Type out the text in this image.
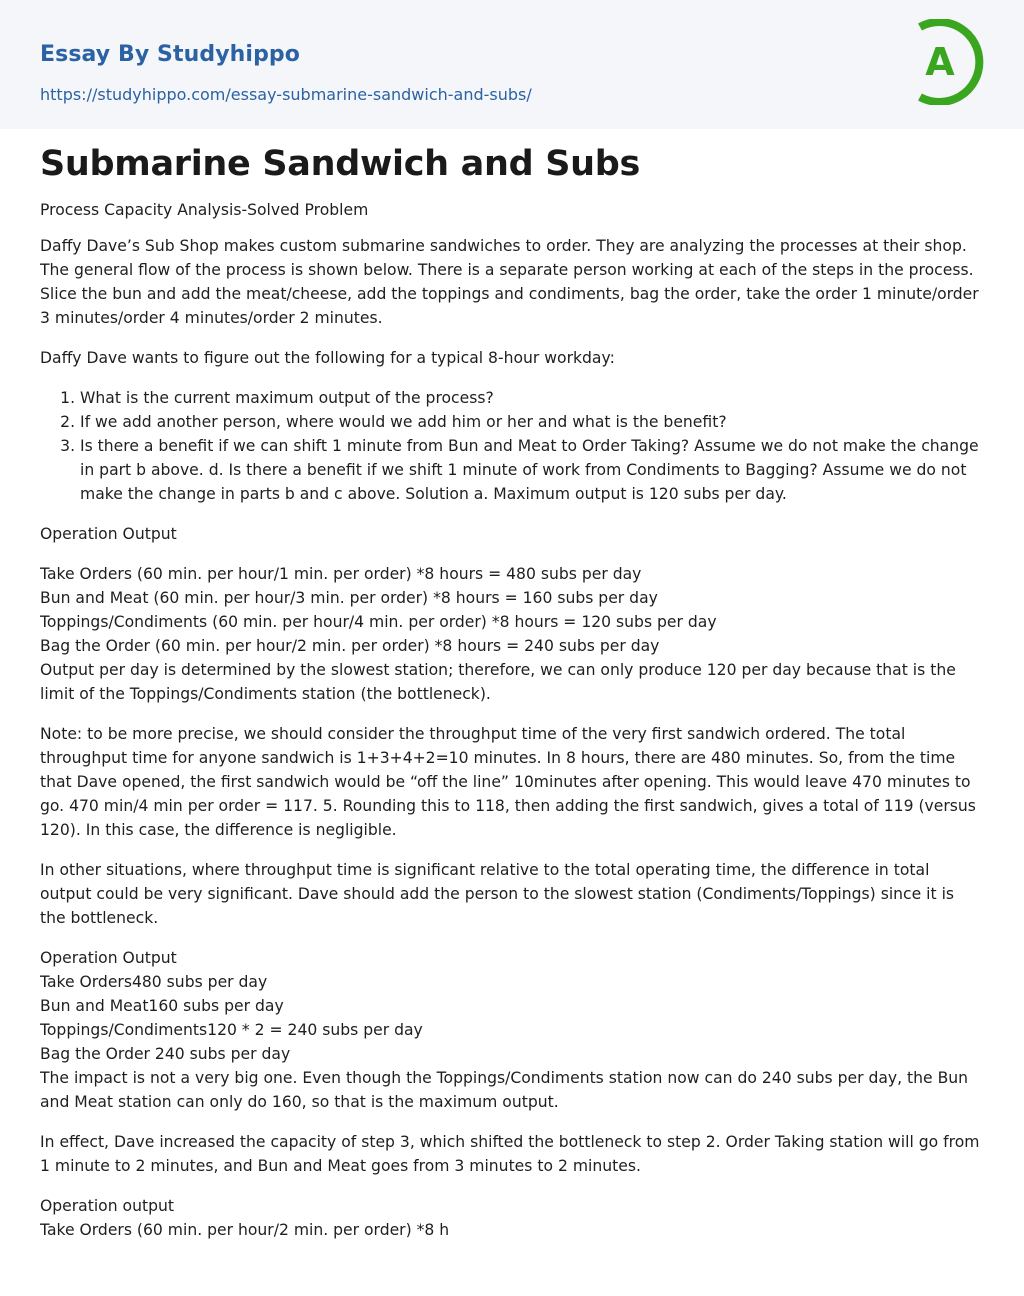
Essay By Studyhippo
https://studyhippo.com/essay-submarine-sandwich-and-subs/
A
Submarine Sandwich and Subs

Process Capacity Analysis-Solved Problem

Daffy Dave’s Sub Shop makes custom submarine sandwiches to order. They are analyzing the processes at their shop. The general flow of the process is shown below. There is a separate person working at each of the steps in the process. Slice the bun and add the meat/cheese, add the toppings and condiments, bag the order, take the order 1 minute/order 3 minutes/order 4 minutes/order 2 minutes.

Daffy Dave wants to figure out the following for a typical 8-hour workday:

1. What is the current maximum output of the process?
2. If we add another person, where would we add him or her and what is the benefit?
3. Is there a benefit if we can shift 1 minute from Bun and Meat to Order Taking? Assume we do not make the change in part b above. d. Is there a benefit if we shift 1 minute of work from Condiments to Bagging? Assume we do not make the change in parts b and c above. Solution a. Maximum output is 120 subs per day.

Operation Output

Take Orders (60 min. per hour/1 min. per order) *8 hours = 480 subs per day
Bun and Meat (60 min. per hour/3 min. per order) *8 hours = 160 subs per day
Toppings/Condiments (60 min. per hour/4 min. per order) *8 hours = 120 subs per day
Bag the Order (60 min. per hour/2 min. per order) *8 hours = 240 subs per day
Output per day is determined by the slowest station; therefore, we can only produce 120 per day because that is the limit of the Toppings/Condiments station (the bottleneck).

Note: to be more precise, we should consider the throughput time of the very first sandwich ordered. The total throughput time for anyone sandwich is 1+3+4+2=10 minutes. In 8 hours, there are 480 minutes. So, from the time that Dave opened, the first sandwich would be “off the line” 10minutes after opening. This would leave 470 minutes to go. 470 min/4 min per order = 117. 5. Rounding this to 118, then adding the first sandwich, gives a total of 119 (versus 120). In this case, the difference is negligible.

In other situations, where throughput time is significant relative to the total operating time, the difference in total output could be very significant. Dave should add the person to the slowest station (Condiments/Toppings) since it is the bottleneck.

Operation Output
Take Orders480 subs per day
Bun and Meat160 subs per day
Toppings/Condiments120 * 2 = 240 subs per day
Bag the Order 240 subs per day
The impact is not a very big one. Even though the Toppings/Condiments station now can do 240 subs per day, the Bun and Meat station can only do 160, so that is the maximum output.

In effect, Dave increased the capacity of step 3, which shifted the bottleneck to step 2. Order Taking station will go from 1 minute to 2 minutes, and Bun and Meat goes from 3 minutes to 2 minutes.

Operation output
Take Orders (60 min. per hour/2 min. per order) *8 h
